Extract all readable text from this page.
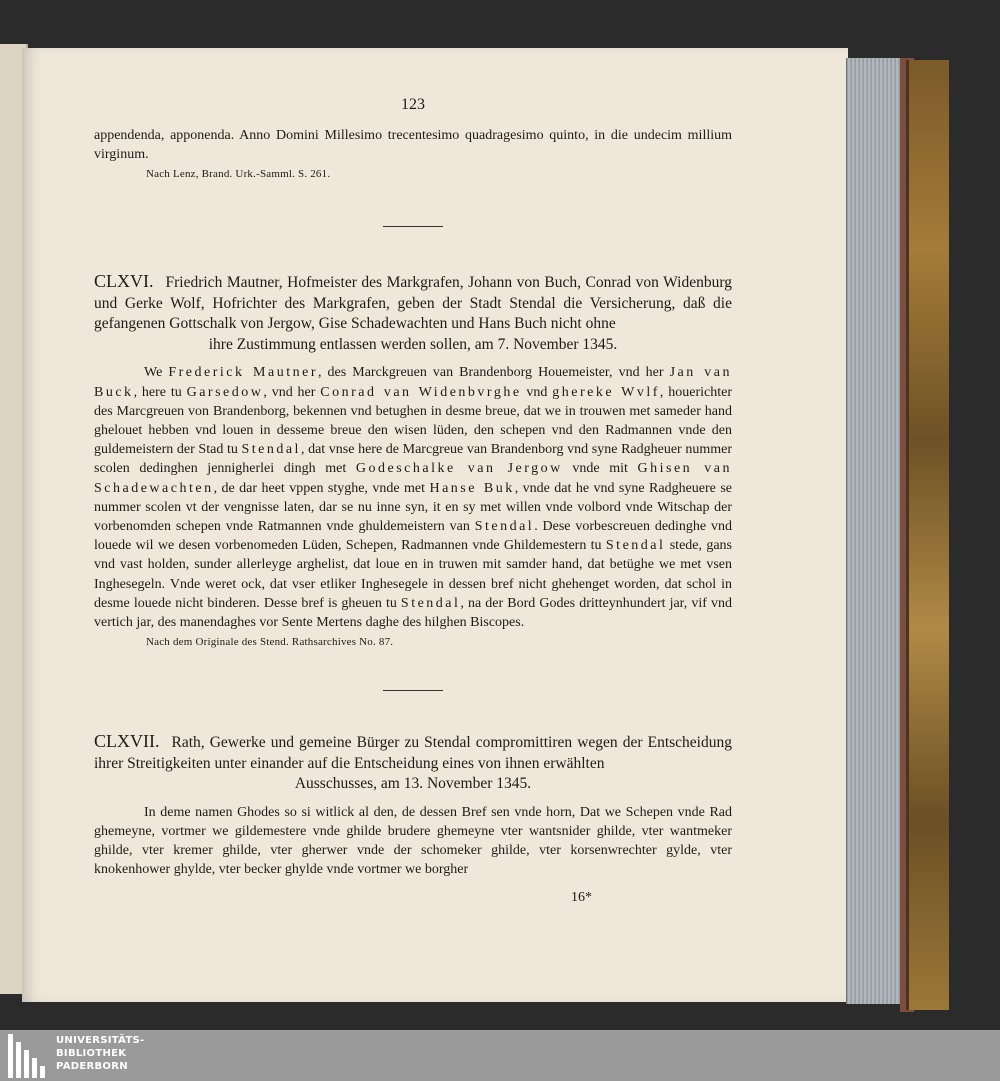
123

appendenda, apponenda. Anno Domini Millesimo trecentesimo quadragesimo quinto, in die undecim millium virginum.

Nach Lenz, Brand. Urk.-Samml. S. 261.

CLXVI. Friedrich Mautner, Hofmeister des Markgrafen, Johann von Buch, Conrad von Widenburg und Gerke Wolf, Hofrichter des Markgrafen, geben der Stadt Stendal die Versicherung, daß die gefangenen Gottschalk von Jergow, Gise Schadewachten und Hans Buch nicht ohne
ihre Zustimmung entlassen werden sollen, am 7. November 1345.

We Frederick Mautner, des Marckgreuen van Brandenborg Houemeister, vnd her Jan van Buck, here tu Garsedow, vnd her Conrad van Widenbvrghe vnd ghereke Wvlf, houerichter des Marcgreuen von Brandenborg, bekennen vnd betughen in desme breue, dat we in trouwen met sameder hand ghelouet hebben vnd louen in desseme breue den wisen lüden, den schepen vnd den Radmannen vnde den guldemeistern der Stad tu Stendal, dat vnse here de Marcgreue van Brandenborg vnd syne Radgheuer nummer scolen dedinghen jennigherlei dingh met Godeschalke van Jergow vnde mit Ghisen van Schadewachten, de dar heet vppen styghe, vnde met Hanse Buk, vnde dat he vnd syne Radgheuere se nummer scolen vt der vengnisse laten, dar se nu inne syn, it en sy met willen vnde volbord vnde Witschap der vorbenomden schepen vnde Ratmannen vnde ghuldemeistern van Stendal. Dese vorbescreuen dedinghe vnd louede wil we desen vorbenomeden Lüden, Schepen, Radmannen vnde Ghildemestern tu Stendal stede, gans vnd vast holden, sunder allerleyge arghelist, dat loue en in truwen mit samder hand, dat betüghe we met vsen Inghesegeln. Vnde weret ock, dat vser etliker Inghesegele in dessen bref nicht ghehenget worden, dat schol in desme louede nicht binderen. Desse bref is gheuen tu Stendal, na der Bord Godes dritteynhundert jar, vif vnd vertich jar, des manendaghes vor Sente Mertens daghe des hilghen Biscopes.

Nach dem Originale des Stend. Rathsarchives No. 87.

CLXVII. Rath, Gewerke und gemeine Bürger zu Stendal compromittiren wegen der Entscheidung ihrer Streitigkeiten unter einander auf die Entscheidung eines von ihnen erwählten
Ausschusses, am 13. November 1345.

In deme namen Ghodes so si witlick al den, de dessen Bref sen vnde horn, Dat we Schepen vnde Rad ghemeyne, vortmer we gildemestere vnde ghilde brudere ghemeyne vter wantsnider ghilde, vter wantmeker ghilde, vter kremer ghilde, vter gherwer vnde der schomeker ghilde, vter korsenwrechter gylde, vter knokenhower ghylde, vter becker ghylde vnde vortmer we borgher

16*
UNIVERSITÄTS-
BIBLIOTHEK
PADERBORN
